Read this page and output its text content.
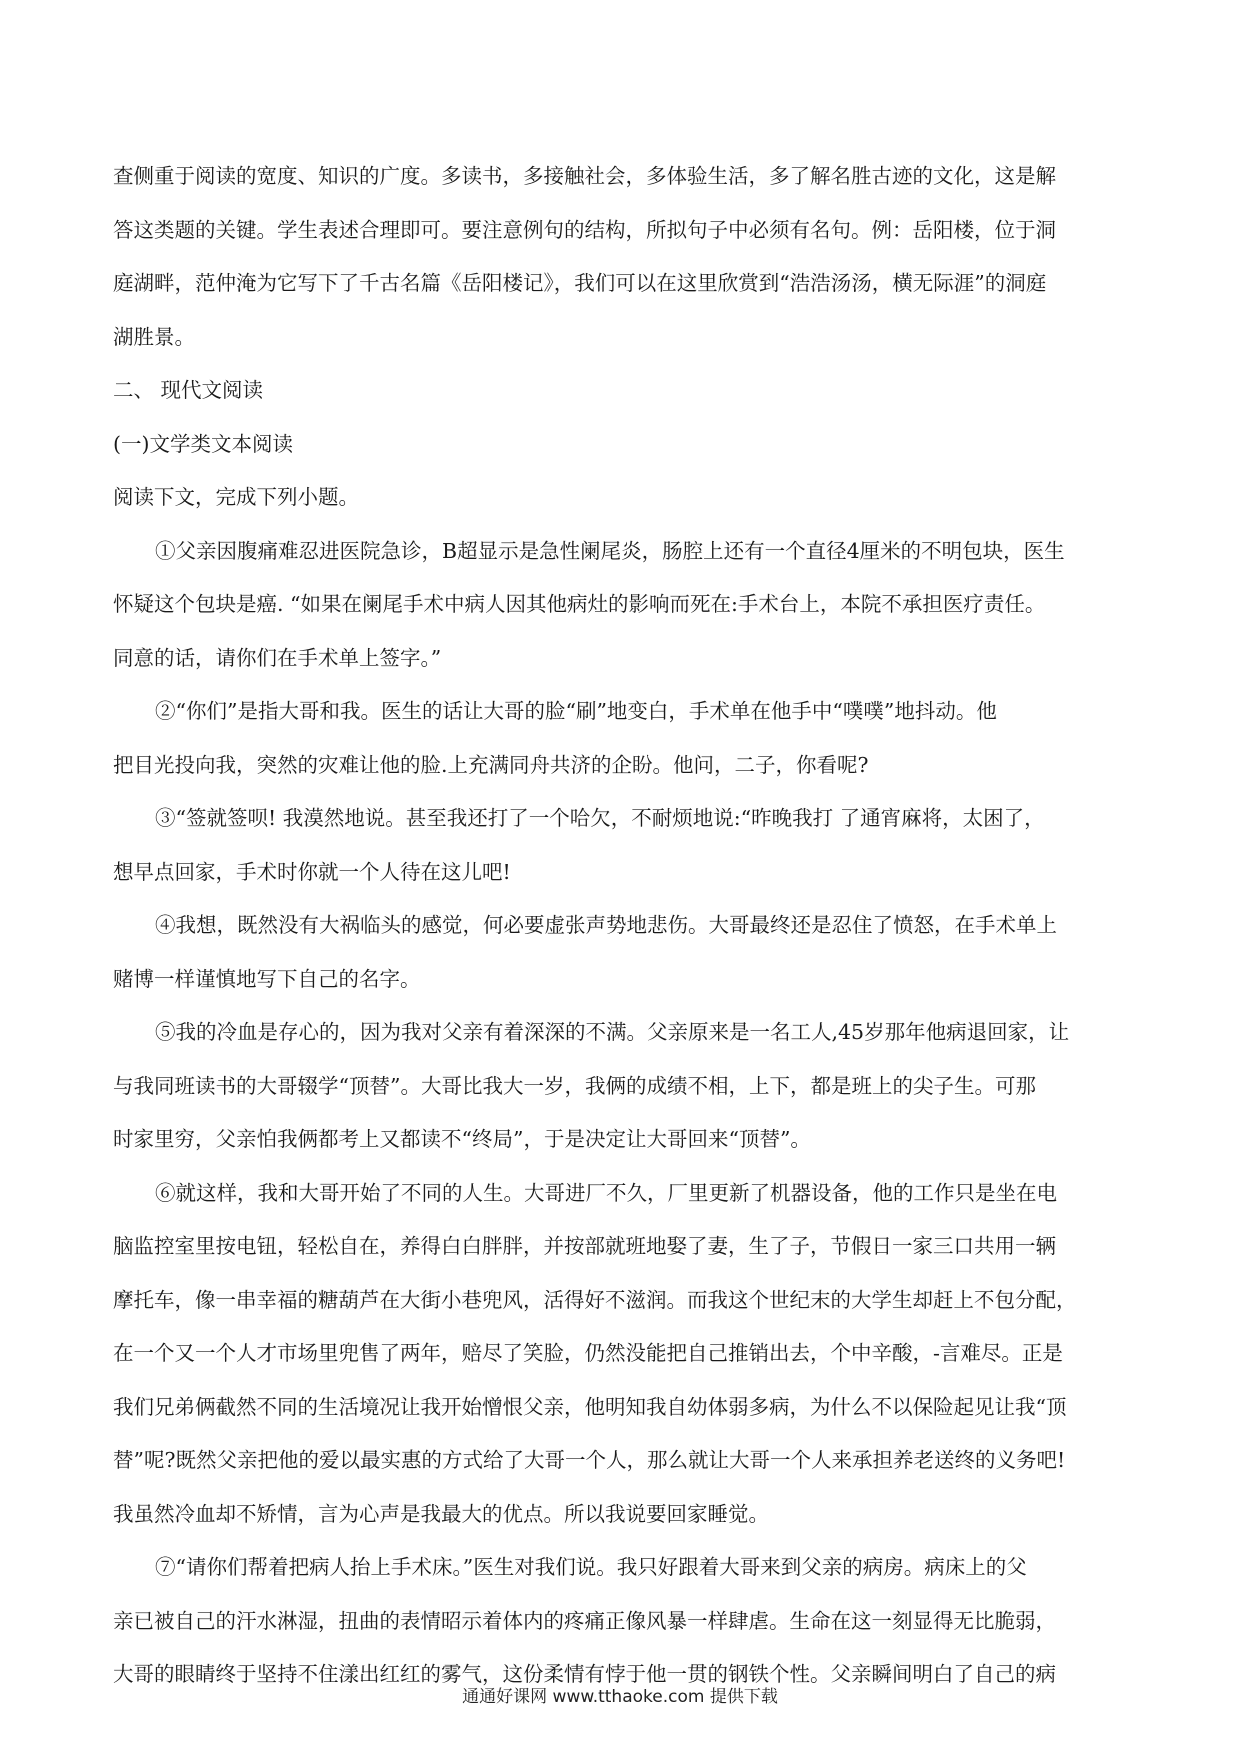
查侧重于阅读的宽度、知识的广度。多读书，多接触社会，多体验生活，多了解名胜古迹的文化，这是解
答这类题的关键。学生表述合理即可。要注意例句的结构，所拟句子中必须有名句。例：岳阳楼，位于洞
庭湖畔，范仲淹为它写下了千古名篇《岳阳楼记》，我们可以在这里欣赏到“浩浩汤汤，横无际涯”的洞庭
湖胜景。
二、 现代文阅读
(一)文学类文本阅读
阅读下文，完成下列小题。
①父亲因腹痛难忍进医院急诊，B超显示是急性阑尾炎，肠腔上还有一个直径4厘米的不明包块，医生
怀疑这个包块是癌. “如果在阑尾手术中病人因其他病灶的影响而死在:手术台上，本院不承担医疗责任。
同意的话，请你们在手术单上签字。”
②“你们”是指大哥和我。医生的话让大哥的脸“刷”地变白，手术单在他手中“噗噗”地抖动。他
把目光投向我，突然的灾难让他的脸.上充满同舟共济的企盼。他问，二子，你看呢?
③“签就签呗! 我漠然地说。甚至我还打了一个哈欠，不耐烦地说:“昨晚我打 了通宵麻将，太困了，
想早点回家，手术时你就一个人待在这儿吧!
④我想，既然没有大祸临头的感觉，何必要虚张声势地悲伤。大哥最终还是忍住了愤怒，在手术单上
赌博一样谨慎地写下自己的名字。
⑤我的冷血是存心的，因为我对父亲有着深深的不满。父亲原来是一名工人,45岁那年他病退回家，让
与我同班读书的大哥辍学“顶替”。大哥比我大一岁，我俩的成绩不相，上下，都是班上的尖子生。可那
时家里穷，父亲怕我俩都考上又都读不“终局”，于是决定让大哥回来“顶替”。
⑥就这样，我和大哥开始了不同的人生。大哥进厂不久，厂里更新了机器设备，他的工作只是坐在电
脑监控室里按电钮，轻松自在，养得白白胖胖，并按部就班地娶了妻，生了子，节假日一家三口共用一辆
摩托车，像一串幸福的糖葫芦在大街小巷兜风，活得好不滋润。而我这个世纪末的大学生却赶上不包分配，
在一个又一个人才市场里兜售了两年，赔尽了笑脸，仍然没能把自己推销出去，个中辛酸，-言难尽。正是
我们兄弟俩截然不同的生活境况让我开始憎恨父亲，他明知我自幼体弱多病，为什么不以保险起见让我“顶
替”呢?既然父亲把他的爱以最实惠的方式给了大哥一个人，那么就让大哥一个人来承担养老送终的义务吧!
我虽然冷血却不矫情，言为心声是我最大的优点。所以我说要回家睡觉。
⑦“请你们帮着把病人抬上手术床。”医生对我们说。我只好跟着大哥来到父亲的病房。病床上的父
亲已被自己的汗水淋湿，扭曲的表情昭示着体内的疼痛正像风暴一样肆虐。生命在这一刻显得无比脆弱，
大哥的眼睛终于坚持不住漾出红红的雾气，这份柔情有悖于他一贯的钢铁个性。父亲瞬间明白了自己的病
通通好课网 www.tthaoke.com 提供下载
